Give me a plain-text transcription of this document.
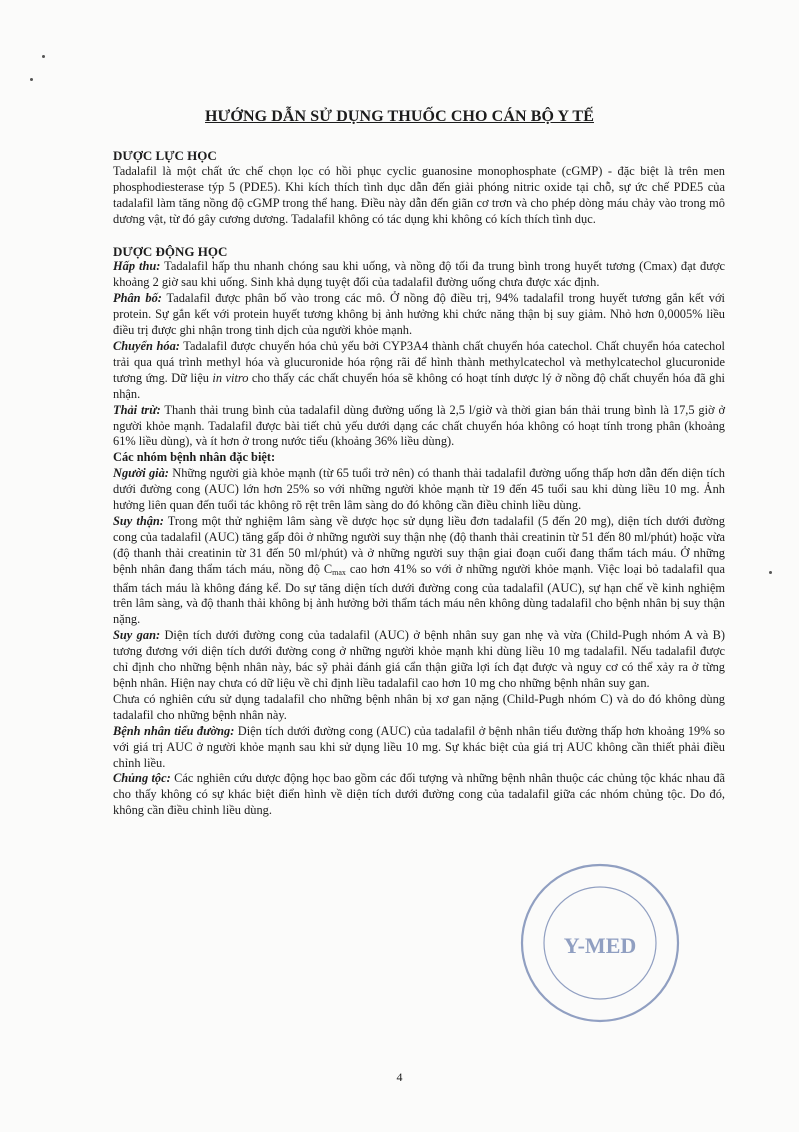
HƯỚNG DẪN SỬ DỤNG THUỐC CHO CÁN BỘ Y TẾ
DƯỢC LỰC HỌC

Tadalafil là một chất ức chế chọn lọc có hồi phục cyclic guanosine monophosphate (cGMP) - đặc biệt là trên men phosphodiesterase týp 5 (PDE5). Khi kích thích tình dục dẫn đến giải phóng nitric oxide tại chỗ, sự ức chế PDE5 của tadalafil làm tăng nồng độ cGMP trong thể hang. Điều này dẫn đến giãn cơ trơn và cho phép dòng máu chảy vào trong mô dương vật, từ đó gây cương dương. Tadalafil không có tác dụng khi không có kích thích tình dục.

DƯỢC ĐỘNG HỌC

Hấp thu: Tadalafil hấp thu nhanh chóng sau khi uống, và nồng độ tối đa trung bình trong huyết tương (Cmax) đạt được khoảng 2 giờ sau khi uống. Sinh khả dụng tuyệt đối của tadalafil đường uống chưa được xác định.

Phân bố: Tadalafil được phân bố vào trong các mô. Ở nồng độ điều trị, 94% tadalafil trong huyết tương gắn kết với protein. Sự gắn kết với protein huyết tương không bị ảnh hưởng khi chức năng thận bị suy giảm. Nhỏ hơn 0,0005% liều điều trị được ghi nhận trong tinh dịch của người khỏe mạnh.

Chuyển hóa: Tadalafil được chuyển hóa chủ yếu bởi CYP3A4 thành chất chuyển hóa catechol. Chất chuyển hóa catechol trải qua quá trình methyl hóa và glucuronide hóa rộng rãi để hình thành methylcatechol và methylcatechol glucuronide tương ứng. Dữ liệu in vitro cho thấy các chất chuyển hóa sẽ không có hoạt tính dược lý ở nồng độ chất chuyển hóa đã ghi nhận.

Thải trừ: Thanh thải trung bình của tadalafil dùng đường uống là 2,5 l/giờ và thời gian bán thải trung bình là 17,5 giờ ở người khỏe mạnh. Tadalafil được bài tiết chủ yếu dưới dạng các chất chuyển hóa không có hoạt tính trong phân (khoảng 61% liều dùng), và ít hơn ở trong nước tiểu (khoảng 36% liều dùng).

Các nhóm bệnh nhân đặc biệt:

Người già: Những người già khỏe mạnh (từ 65 tuổi trở nên) có thanh thải tadalafil đường uống thấp hơn dẫn đến diện tích dưới đường cong (AUC) lớn hơn 25% so với những người khỏe mạnh từ 19 đến 45 tuổi sau khi dùng liều 10 mg. Ảnh hưởng liên quan đến tuổi tác không rõ rệt trên lâm sàng do đó không cần điều chỉnh liều dùng.

Suy thận: Trong một thử nghiệm lâm sàng về dược học sử dụng liều đơn tadalafil (5 đến 20 mg), diện tích dưới đường cong của tadalafil (AUC) tăng gấp đôi ở những người suy thận nhẹ (độ thanh thải creatinin từ 51 đến 80 ml/phút) hoặc vừa (độ thanh thải creatinin từ 31 đến 50 ml/phút) và ở những người suy thận giai đoạn cuối đang thẩm tách máu. Ở những bệnh nhân đang thẩm tách máu, nồng độ $C_{max}$ cao hơn 41% so với ở những người khỏe mạnh. Việc loại bỏ tadalafil qua thẩm tách máu là không đáng kể. Do sự tăng diện tích dưới đường cong của tadalafil (AUC), sự hạn chế về kinh nghiệm trên lâm sàng, và độ thanh thải không bị ảnh hưởng bởi thẩm tách máu nên không dùng tadalafil cho bệnh nhân bị suy thận nặng.

Suy gan: Diện tích dưới đường cong của tadalafil (AUC) ở bệnh nhân suy gan nhẹ và vừa (Child-Pugh nhóm A và B) tương đương với diện tích dưới đường cong ở những người khỏe mạnh khi dùng liều 10 mg tadalafil. Nếu tadalafil được chỉ định cho những bệnh nhân này, bác sỹ phải đánh giá cẩn thận giữa lợi ích đạt được và nguy cơ có thể xảy ra ở từng bệnh nhân. Hiện nay chưa có dữ liệu về chỉ định liều tadalafil cao hơn 10 mg cho những bệnh nhân suy gan.

Chưa có nghiên cứu sử dụng tadalafil cho những bệnh nhân bị xơ gan nặng (Child-Pugh nhóm C) và do đó không dùng tadalafil cho những bệnh nhân này.

Bệnh nhân tiểu đường: Diện tích dưới đường cong (AUC) của tadalafil ở bệnh nhân tiểu đường thấp hơn khoảng 19% so với giá trị AUC ở người khỏe mạnh sau khi sử dụng liều 10 mg. Sự khác biệt của giá trị AUC không cần thiết phải điều chỉnh liều.

Chủng tộc: Các nghiên cứu dược động học bao gồm các đối tượng và những bệnh nhân thuộc các chủng tộc khác nhau đã cho thấy không có sự khác biệt điển hình về diện tích dưới đường cong của tadalafil giữa các nhóm chủng tộc. Do đó, không cần điều chỉnh liều dùng.

Y-MED
4
